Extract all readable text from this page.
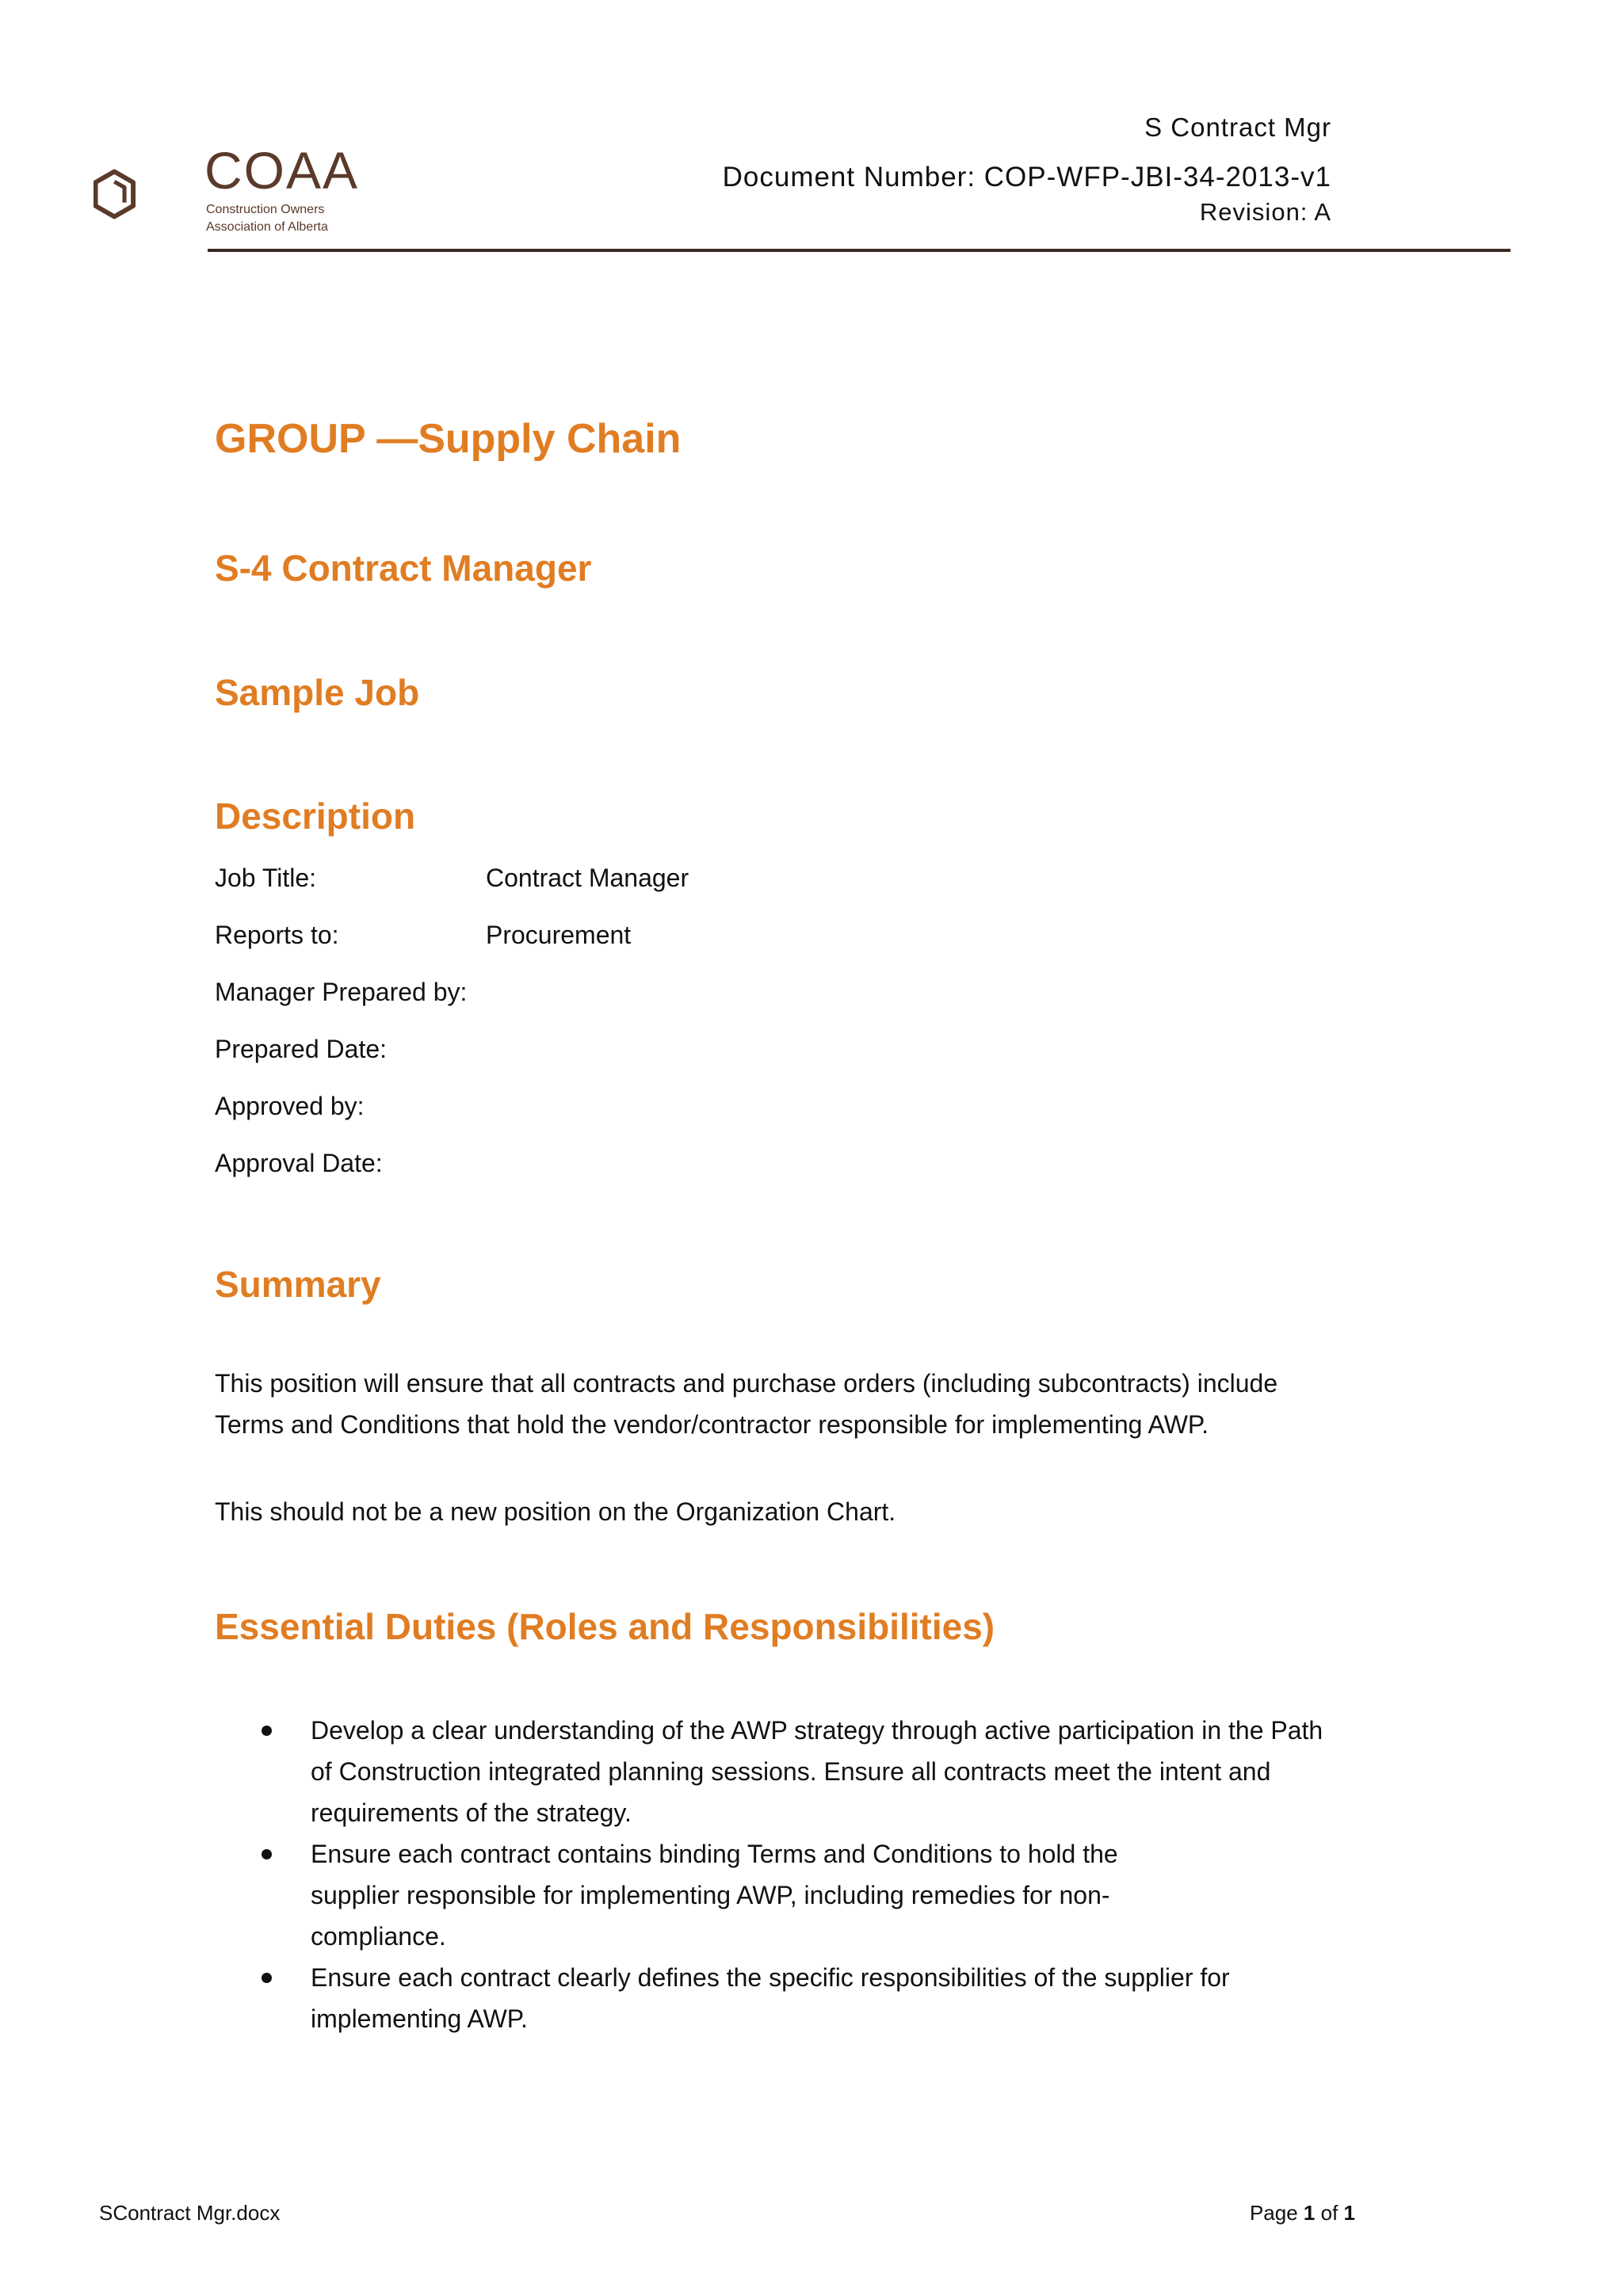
COAA
Construction Owners
Association of Alberta
S Contract Mgr
Document Number: COP-WFP-JBI-34-2013-v1
Revision: A
GROUP —Supply Chain
S-4 Contract Manager
Sample Job
Description
Job Title:	Contract Manager
Reports to:	Procurement
Manager Prepared by:
Prepared Date:
Approved by:
Approval Date:
Summary
This position will ensure that all contracts and purchase orders (including subcontracts) include Terms and Conditions that hold the vendor/contractor responsible for implementing AWP.
This should not be a new position on the Organization Chart.
Essential Duties (Roles and Responsibilities)
Develop a clear understanding of the AWP strategy through active participation in the Path of Construction integrated planning sessions. Ensure all contracts meet the intent and requirements of the strategy.
Ensure each contract contains binding Terms and Conditions to hold the supplier responsible for implementing AWP, including remedies for non-compliance.
Ensure each contract clearly defines the specific responsibilities of the supplier for implementing AWP.
SContract Mgr.docx	Page 1 of 1
